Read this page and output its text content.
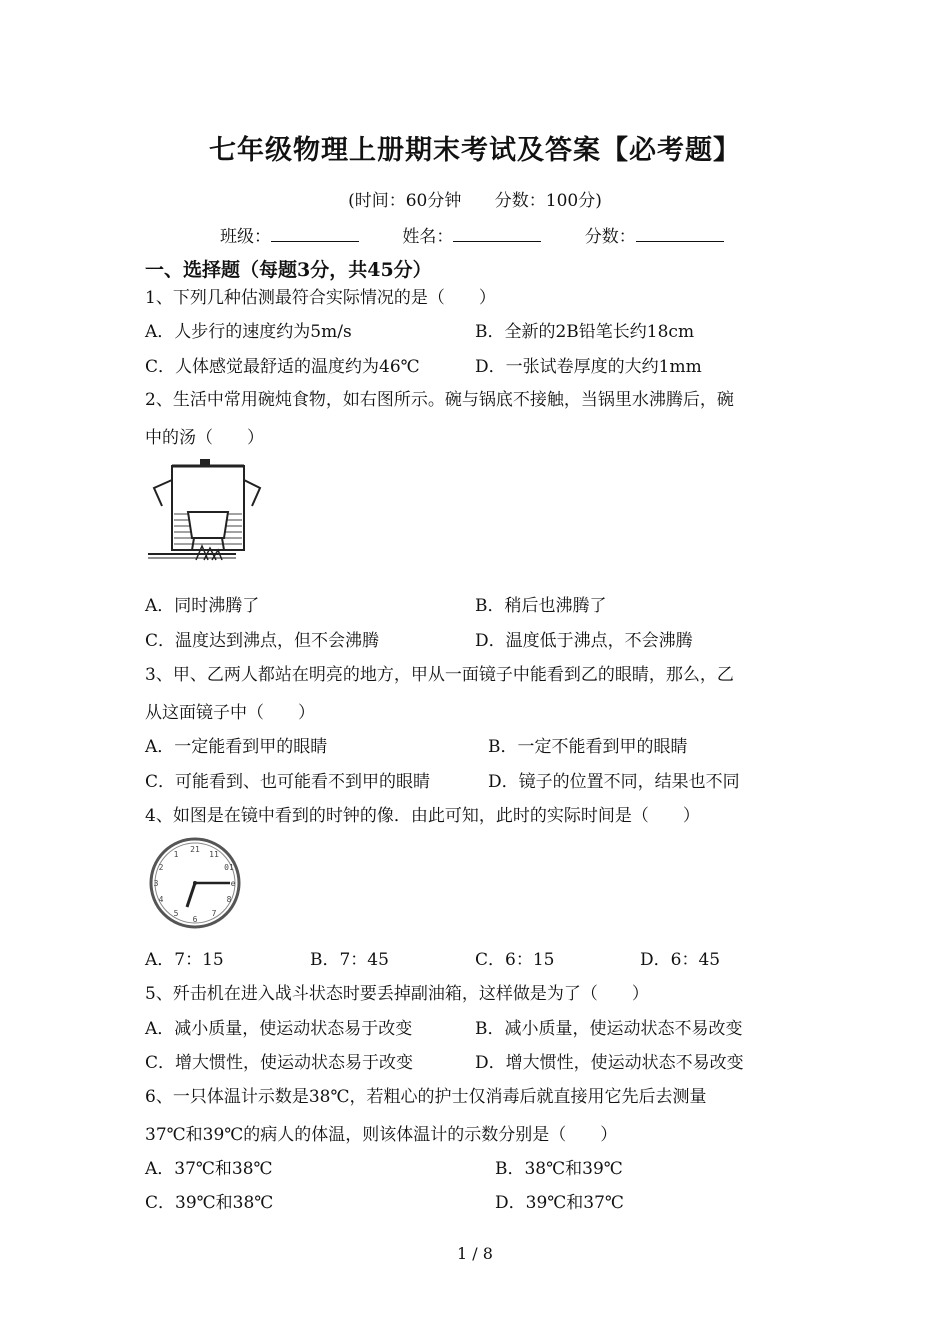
七年级物理上册期末考试及答案【必考题】
(时间：60分钟 分数：100分)
班级：	姓名：	分数：
一、选择题（每题3分，共45分）
1、下列几种估测最符合实际情况的是（　　）
A．人步行的速度约为5m/s	B．全新的2B铅笔长约18cm
C．人体感觉最舒适的温度约为46℃	D．一张试卷厚度的大约1mm
2、生活中常用碗炖食物，如右图所示。碗与锅底不接触，当锅里水沸腾后，碗
中的汤（　　）
A．同时沸腾了	B．稍后也沸腾了
C．温度达到沸点，但不会沸腾	D．温度低于沸点，不会沸腾
3、甲、乙两人都站在明亮的地方，甲从一面镜子中能看到乙的眼睛，那么，乙
从这面镜子中（　　）
A．一定能看到甲的眼睛	B．一定不能看到甲的眼睛
C．可能看到、也可能看不到甲的眼睛	D．镜子的位置不同，结果也不同
4、如图是在镜中看到的时钟的像．由此可知，此时的实际时间是（　　）
21
1	11
2	01
3	e
4	8
5	7
6
A．7：15	B．7：45	C．6：15	D．6：45
5、歼击机在进入战斗状态时要丢掉副油箱，这样做是为了（　　）
A．减小质量，使运动状态易于改变	B．减小质量，使运动状态不易改变
C．增大惯性，使运动状态易于改变	D．增大惯性，使运动状态不易改变
6、一只体温计示数是38℃，若粗心的护士仅消毒后就直接用它先后去测量
37℃和39℃的病人的体温，则该体温计的示数分别是（　　）
A．37℃和38℃	B．38℃和39℃
C．39℃和38℃	D．39℃和37℃
1 / 8
